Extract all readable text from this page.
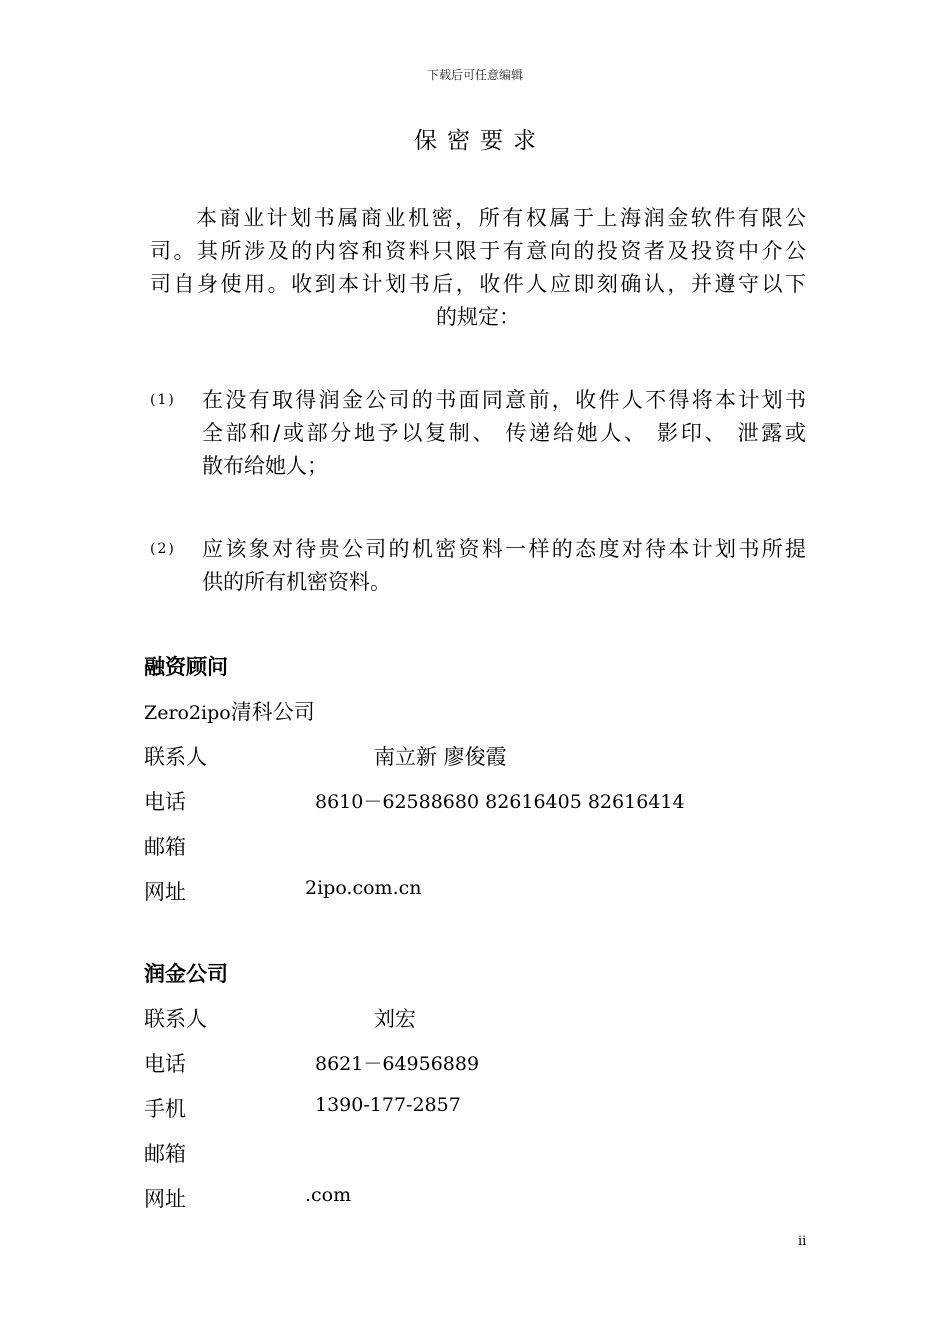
下载后可任意编辑
保密要求
本商业计划书属商业机密，所有权属于上海润金软件有限公
司。其所涉及的内容和资料只限于有意向的投资者及投资中介公
司自身使用。收到本计划书后，收件人应即刻确认，并遵守以下
的规定：
(1) 在没有取得润金公司的书面同意前，收件人不得将本计划书
全部和/或部分地予以复制、 传递给她人、 影印、 泄露或
散布给她人；
(2) 应该象对待贵公司的机密资料一样的态度对待本计划书所提
供的所有机密资料。
融资顾问
Zero2ipo清科公司
联系人	南立新 廖俊霞
电话	8610－62588680 82616405 82616414
邮箱
网址	2ipo.com.cn
润金公司
联系人	刘宏
电话	8621－64956889
手机	1390-177-2857
邮箱
网址	.com
ii
